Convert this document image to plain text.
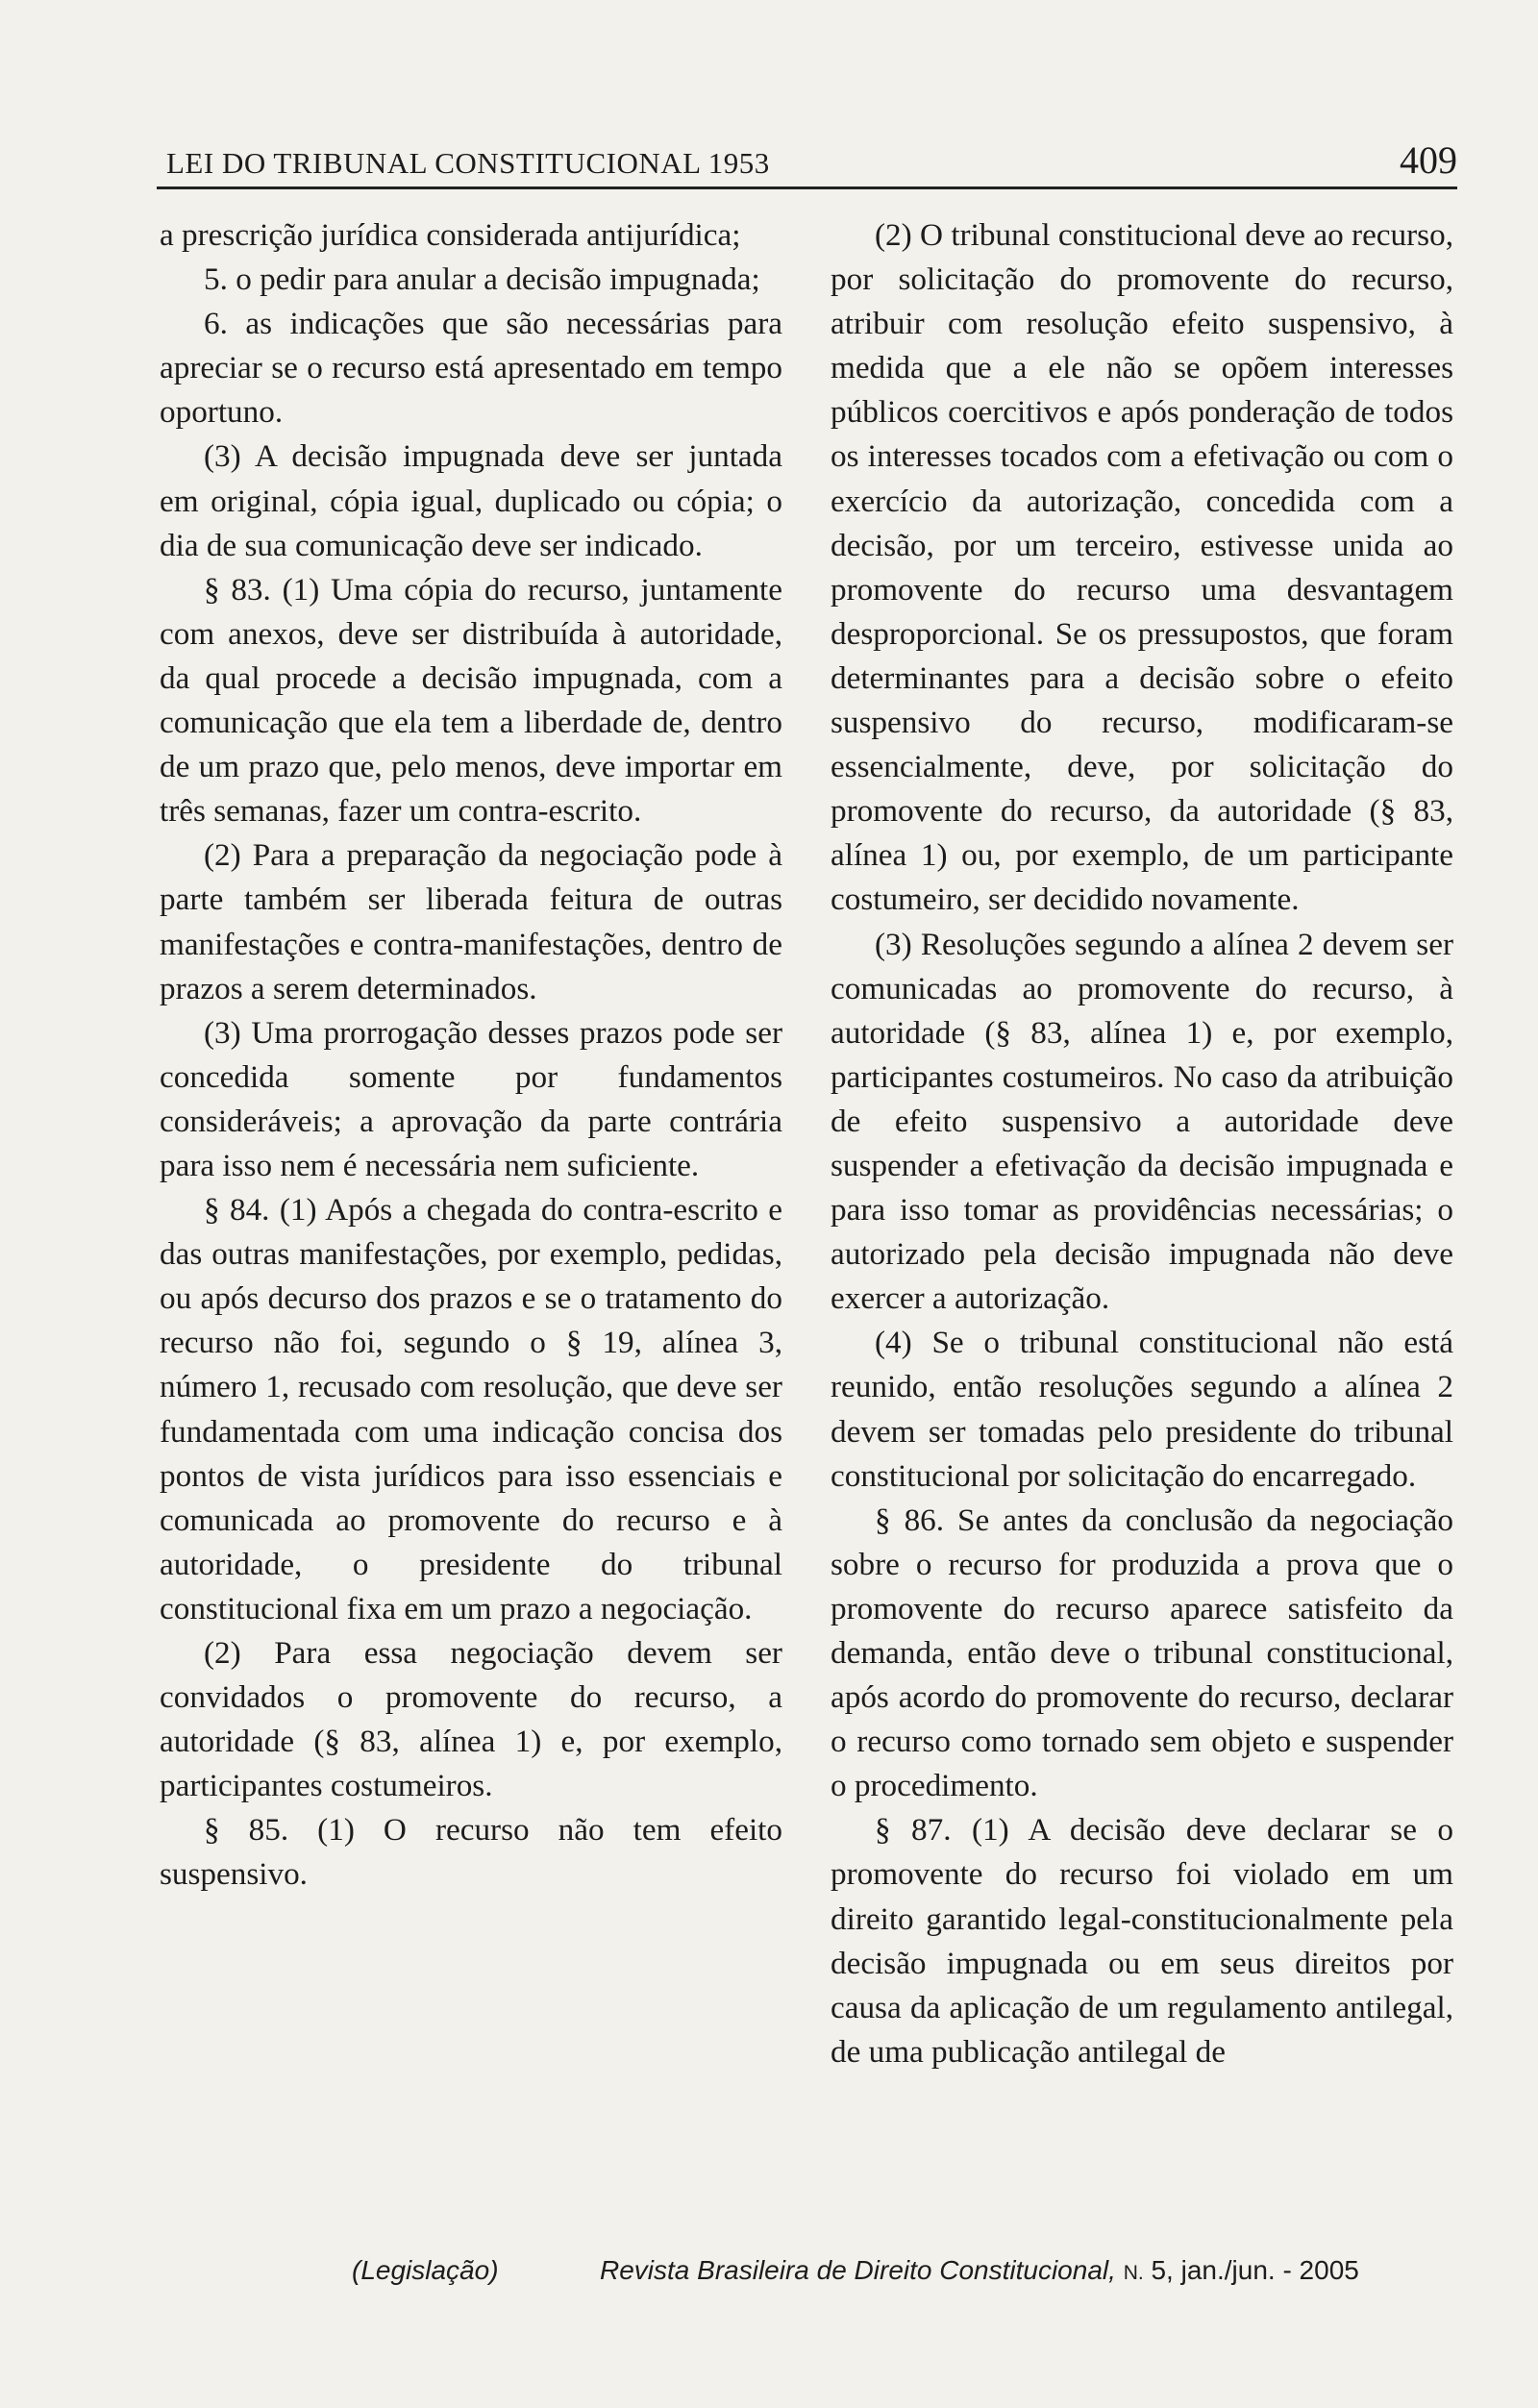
LEI DO TRIBUNAL CONSTITUCIONAL 1953	409

a prescrição jurídica considerada antijurídica;

5. o pedir para anular a decisão impugnada;

6. as indicações que são necessárias para apreciar se o recurso está apresentado em tempo oportuno.

(3) A decisão impugnada deve ser juntada em original, cópia igual, duplicado ou cópia; o dia de sua comunicação deve ser indicado.

§ 83. (1) Uma cópia do recurso, juntamente com anexos, deve ser distribuída à autoridade, da qual procede a decisão impugnada, com a comunicação que ela tem a liberdade de, dentro de um prazo que, pelo menos, deve importar em três semanas, fazer um contra-escrito.

(2) Para a preparação da negociação pode à parte também ser liberada feitura de outras manifestações e contra-manifestações, dentro de prazos a serem determinados.

(3) Uma prorrogação desses prazos pode ser concedida somente por fundamentos consideráveis; a aprovação da parte contrária para isso nem é necessária nem suficiente.

§ 84. (1) Após a chegada do contra-escrito e das outras manifestações, por exemplo, pedidas, ou após decurso dos prazos e se o tratamento do recurso não foi, segundo o § 19, alínea 3, número 1, recusado com resolução, que deve ser fundamentada com uma indicação concisa dos pontos de vista jurídicos para isso essenciais e comunicada ao promovente do recurso e à autoridade, o presidente do tribunal constitucional fixa em um prazo a negociação.

(2) Para essa negociação devem ser convidados o promovente do recurso, a autoridade (§ 83, alínea 1) e, por exemplo, participantes costumeiros.

§ 85. (1) O recurso não tem efeito suspensivo.

(2) O tribunal constitucional deve ao recurso, por solicitação do promovente do recurso, atribuir com resolução efeito suspensivo, à medida que a ele não se opõem interesses públicos coercitivos e após ponderação de todos os interesses tocados com a efetivação ou com o exercício da autorização, concedida com a decisão, por um terceiro, estivesse unida ao promovente do recurso uma desvantagem desproporcional. Se os pressupostos, que foram determinantes para a decisão sobre o efeito suspensivo do recurso, modificaram-se essencialmente, deve, por solicitação do promovente do recurso, da autoridade (§ 83, alínea 1) ou, por exemplo, de um participante costumeiro, ser decidido novamente.

(3) Resoluções segundo a alínea 2 devem ser comunicadas ao promovente do recurso, à autoridade (§ 83, alínea 1) e, por exemplo, participantes costumeiros. No caso da atribuição de efeito suspensivo a autoridade deve suspender a efetivação da decisão impugnada e para isso tomar as providências necessárias; o autorizado pela decisão impugnada não deve exercer a autorização.

(4) Se o tribunal constitucional não está reunido, então resoluções segundo a alínea 2 devem ser tomadas pelo presidente do tribunal constitucional por solicitação do encarregado.

§ 86. Se antes da conclusão da negociação sobre o recurso for produzida a prova que o promovente do recurso aparece satisfeito da demanda, então deve o tribunal constitucional, após acordo do promovente do recurso, declarar o recurso como tornado sem objeto e suspender o procedimento.

§ 87. (1) A decisão deve declarar se o promovente do recurso foi violado em um direito garantido legal-constitucionalmente pela decisão impugnada ou em seus direitos por causa da aplicação de um regulamento antilegal, de uma publicação antilegal de

(Legislação)	Revista Brasileira de Direito Constitucional, N. 5, jan./jun. - 2005
